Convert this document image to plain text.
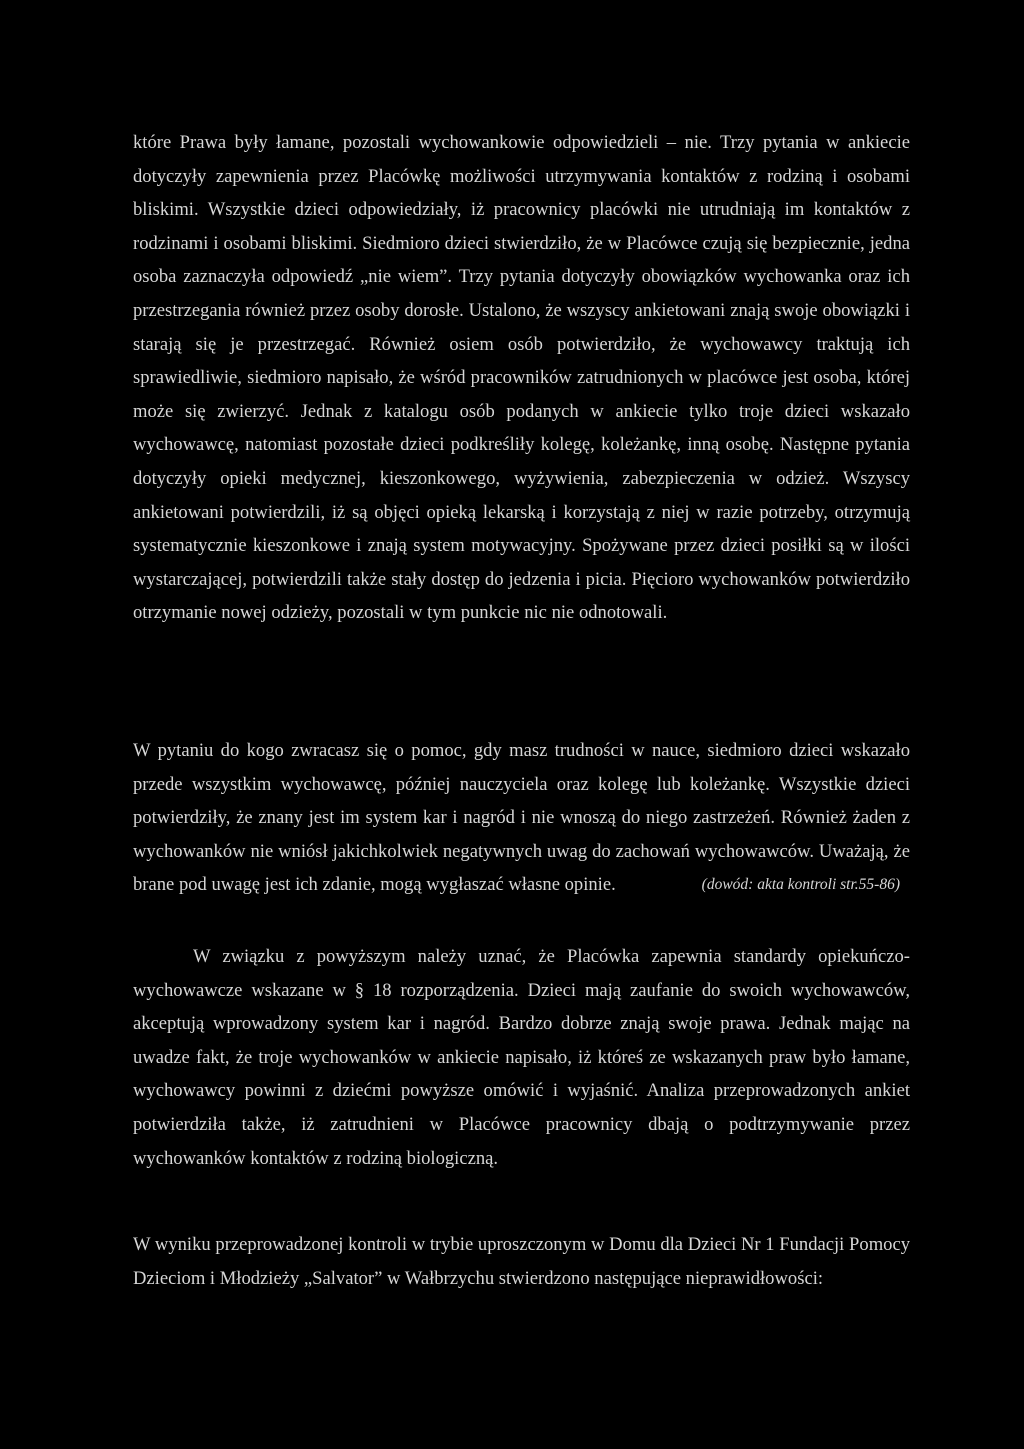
które Prawa były łamane, pozostali wychowankowie odpowiedzieli – nie. Trzy pytania w ankiecie dotyczyły zapewnienia przez Placówkę możliwości utrzymywania kontaktów z rodziną i osobami bliskimi. Wszystkie dzieci odpowiedziały, iż pracownicy placówki nie utrudniają im kontaktów z rodzinami i osobami bliskimi. Siedmioro dzieci stwierdziło, że w Placówce czują się bezpiecznie, jedna osoba zaznaczyła odpowiedź „nie wiem”. Trzy pytania dotyczyły obowiązków wychowanka oraz ich przestrzegania również przez osoby dorosłe. Ustalono, że wszyscy ankietowani znają swoje obowiązki i starają się je przestrzegać. Również osiem osób potwierdziło, że wychowawcy traktują ich sprawiedliwie, siedmioro napisało, że wśród pracowników zatrudnionych w placówce jest osoba, której może się zwierzyć. Jednak z katalogu osób podanych w ankiecie tylko troje dzieci wskazało wychowawcę, natomiast pozostałe dzieci podkreśliły kolegę, koleżankę, inną osobę. Następne pytania dotyczyły opieki medycznej, kieszonkowego, wyżywienia, zabezpieczenia w odzież. Wszyscy ankietowani potwierdzili, iż są objęci opieką lekarską i korzystają z niej w razie potrzeby, otrzymują systematycznie kieszonkowe i znają system motywacyjny. Spożywane przez dzieci posiłki są w ilości wystarczającej, potwierdzili także stały dostęp do jedzenia i picia. Pięcioro wychowanków potwierdziło otrzymanie nowej odzieży, pozostali w tym punkcie nic nie odnotowali.

W pytaniu do kogo zwracasz się o pomoc, gdy masz trudności w nauce, siedmioro dzieci wskazało przede wszystkim wychowawcę, później nauczyciela oraz kolegę lub koleżankę. Wszystkie dzieci potwierdziły, że znany jest im system kar i nagród i nie wnoszą do niego zastrzeżeń. Również żaden z wychowanków nie wniósł jakichkolwiek negatywnych uwag do zachowań wychowawców. Uważają, że brane pod uwagę jest ich zdanie, mogą wygłaszać własne opinie.	(dowód: akta kontroli str.55-86)

W związku z powyższym należy uznać, że Placówka zapewnia standardy opiekuńczo-wychowawcze wskazane w § 18 rozporządzenia. Dzieci mają zaufanie do swoich wychowawców, akceptują wprowadzony system kar i nagród. Bardzo dobrze znają swoje prawa. Jednak mając na uwadze fakt, że troje wychowanków w ankiecie napisało, iż któreś ze wskazanych praw było łamane, wychowawcy powinni z dziećmi powyższe omówić i wyjaśnić. Analiza przeprowadzonych ankiet potwierdziła także, iż zatrudnieni w Placówce pracownicy dbają o podtrzymywanie przez wychowanków kontaktów z rodziną biologiczną.

W wyniku przeprowadzonej kontroli w trybie uproszczonym w Domu dla Dzieci Nr 1 Fundacji Pomocy Dzieciom i Młodzieży „Salvator” w Wałbrzychu stwierdzono następujące nieprawidłowości:
